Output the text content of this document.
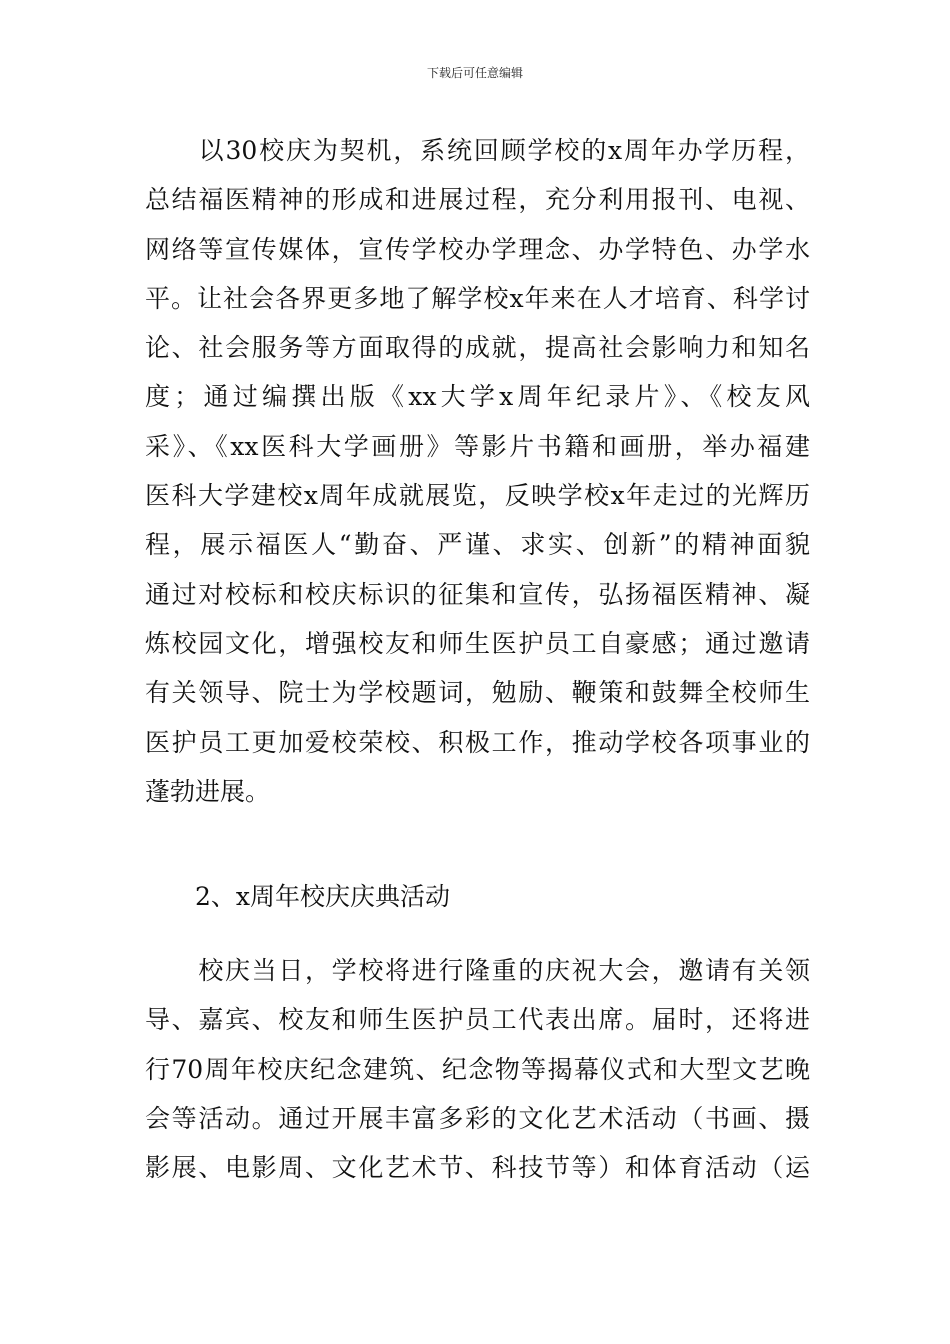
下载后可任意编辑
　　以30校庆为契机，系统回顾学校的x周年办学历程，
总结福医精神的形成和进展过程，充分利用报刊、电视、
网络等宣传媒体，宣传学校办学理念、办学特色、办学水
平。让社会各界更多地了解学校x年来在人才培育、科学讨
论、社会服务等方面取得的成就，提高社会影响力和知名
度；通过编撰出版《xx大学x周年纪录片》、《校友风
采》、《xx医科大学画册》等影片书籍和画册，举办福建
医科大学建校x周年成就展览，反映学校x年走过的光辉历
程，展示福医人“勤奋、严谨、求实、创新”的精神面貌
通过对校标和校庆标识的征集和宣传，弘扬福医精神、凝
炼校园文化，增强校友和师生医护员工自豪感；通过邀请
有关领导、院士为学校题词，勉励、鞭策和鼓舞全校师生
医护员工更加爱校荣校、积极工作，推动学校各项事业的
蓬勃进展。
2、x周年校庆庆典活动
　　校庆当日，学校将进行隆重的庆祝大会，邀请有关领
导、嘉宾、校友和师生医护员工代表出席。届时，还将进
行70周年校庆纪念建筑、纪念物等揭幕仪式和大型文艺晚
会等活动。通过开展丰富多彩的文化艺术活动（书画、摄
影展、电影周、文化艺术节、科技节等）和体育活动（运
